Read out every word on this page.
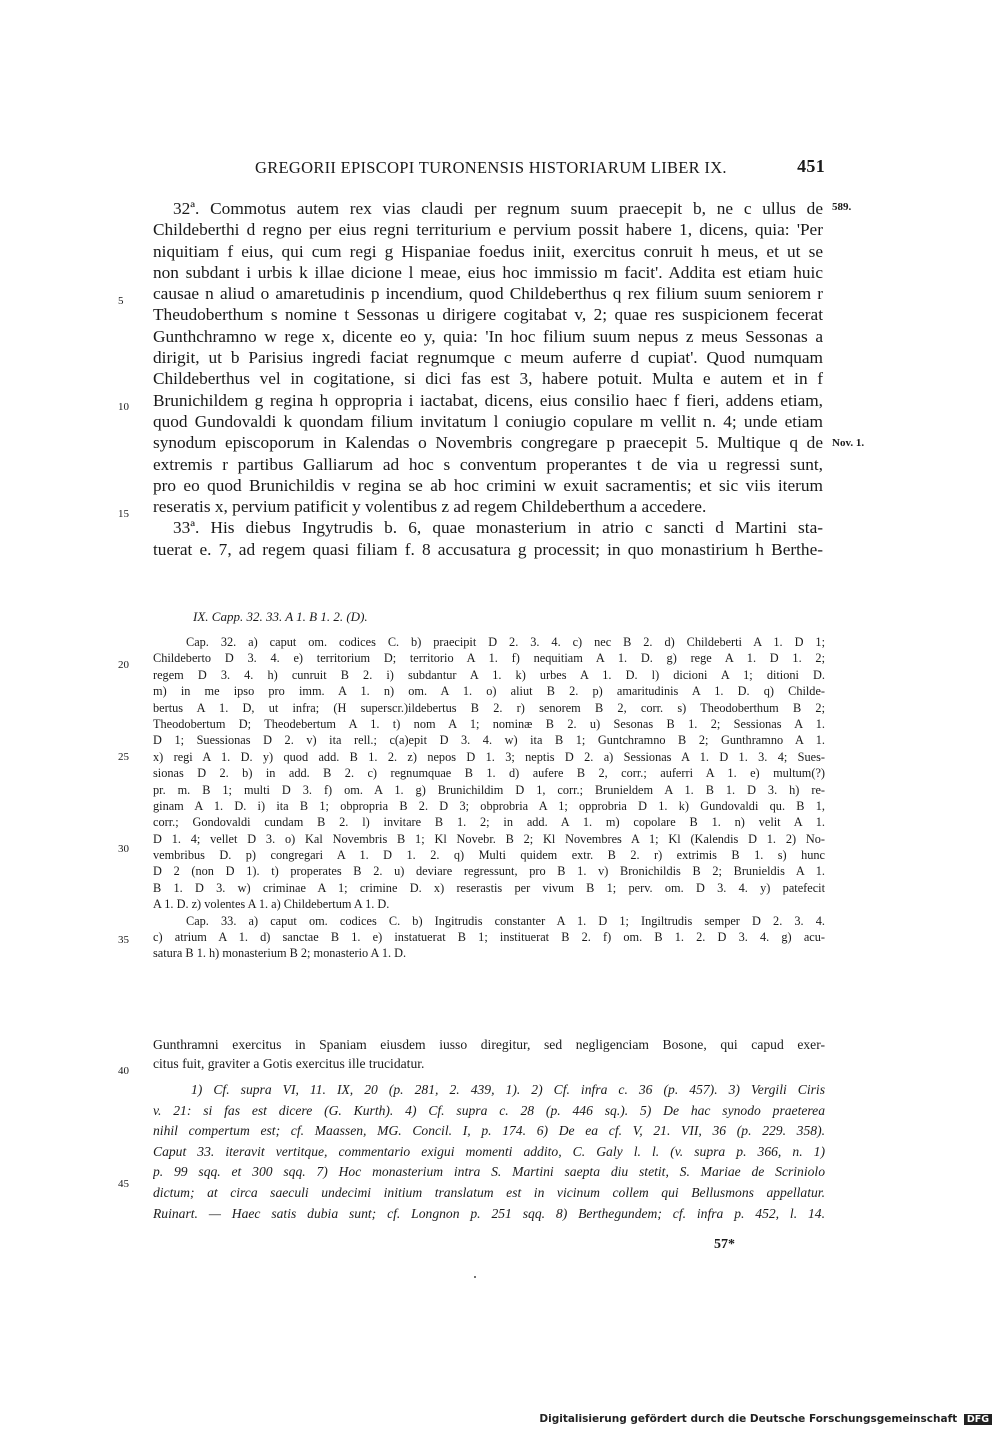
GREGORII EPISCOPI TURONENSIS HISTORIARUM LIBER IX.	451
589.
Nov. 1.
5
10
15
20
25
30
35
40
45
32ª. Commotus autem rex vias claudi per regnum suum praecepit b, ne c ullus de
Childeberthi d regno per eius regni territurium e pervium possit habere 1, dicens, quia: 'Per
niquitiam f eius, qui cum regi g Hispaniae foedus iniit, exercitus conruit h meus, et ut se
non subdant i urbis k illae dicione l meae, eius hoc immissio m facit'. Addita est etiam huic
causae n aliud o amaretudinis p incendium, quod Childeberthus q rex filium suum seniorem r
Theudoberthum s nomine t Sessonas u dirigere cogitabat v, 2; quae res suspicionem fecerat
Gunthchramno w rege x, dicente eo y, quia: 'In hoc filium suum nepus z meus Sessonas a
dirigit, ut b Parisius ingredi faciat regnumque c meum auferre d cupiat'. Quod numquam
Childeberthus vel in cogitatione, si dici fas est 3, habere potuit. Multa e autem et in f
Brunichildem g regina h oppropria i iactabat, dicens, eius consilio haec f fieri, addens etiam,
quod Gundovaldi k quondam filium invitatum l coniugio copulare m vellit n. 4; unde etiam
synodum episcoporum in Kalendas o Novembris congregare p praecepit 5. Multique q de
extremis r partibus Galliarum ad hoc s conventum properantes t de via u regressi sunt,
pro eo quod Brunichildis v regina se ab hoc crimini w exuit sacramentis; et sic viis iterum
reseratis x, pervium patificit y volentibus z ad regem Childeberthum a accedere.
33ª. His diebus Ingytrudis b. 6, quae monasterium in atrio c sancti d Martini sta-
tuerat e. 7, ad regem quasi filiam f. 8 accusatura g processit; in quo monastirium h Berthe-
IX. Capp. 32. 33. A 1. B 1. 2. (D).
Cap. 32. a) caput om. codices C. b) praecipit D 2. 3. 4. c) nec B 2. d) Childeberti A 1. D 1;
Childeberto D 3. 4. e) territorium D; territorio A 1. f) nequitiam A 1. D. g) rege A 1. D 1. 2;
regem D 3. 4. h) cunruit B 2. i) subdantur A 1. k) urbes A 1. D. l) dicioni A 1; ditioni D.
m) in me ipso pro imm. A 1. n) om. A 1. o) aliut B 2. p) amaritudinis A 1. D. q) Childe-
bertus A 1. D, ut infra; (H superscr.)ildebertus B 2. r) senorem B 2, corr. s) Theodoberthum B 2;
Theodobertum D; Theodebertum A 1. t) nom A 1; nominæ B 2. u) Sesonas B 1. 2; Sessionas A 1.
D 1; Suessionas D 2. v) ita rell.; c(a)epit D 3. 4. w) ita B 1; Guntchramno B 2; Gunthramno A 1.
x) regi A 1. D. y) quod add. B 1. 2. z) nepos D 1. 3; neptis D 2. a) Sessionas A 1. D 1. 3. 4; Sues-
sionas D 2. b) in add. B 2. c) regnumquae B 1. d) aufere B 2, corr.; auferri A 1. e) multum(?)
pr. m. B 1; multi D 3. f) om. A 1. g) Brunichildim D 1, corr.; Brunieldem A 1. B 1. D 3. h) re-
ginam A 1. D. i) ita B 1; obpropria B 2. D 3; obprobria A 1; opprobria D 1. k) Gundovaldi qu. B 1,
corr.; Gondovaldi cundam B 2. l) invitare B 1. 2; in add. A 1. m) copolare B 1. n) velit A 1.
D 1. 4; vellet D 3. o) Kal Novembris B 1; Kl Novebr. B 2; Kl Novembres A 1; Kl (Kalendis D 1. 2) No-
vembribus D. p) congregari A 1. D 1. 2. q) Multi quidem extr. B 2. r) extrimis B 1. s) hunc
D 2 (non D 1). t) properates B 2. u) deviare regressunt, pro B 1. v) Bronichildis B 2; Brunieldis A 1.
B 1. D 3. w) criminae A 1; crimine D. x) reserastis per vivum B 1; perv. om. D 3. 4. y) patefecit
A 1. D. z) volentes A 1. a) Childebertum A 1. D.
Cap. 33. a) caput om. codices C. b) Ingitrudis constanter A 1. D 1; Ingiltrudis semper D 2. 3. 4.
c) atrium A 1. d) sanctae B 1. e) instatuerat B 1; instituerat B 2. f) om. B 1. 2. D 3. 4. g) acu-
satura B 1. h) monasterium B 2; monasterio A 1. D.
Gunthramni exercitus in Spaniam eiusdem iusso diregitur, sed negligenciam Bosone, qui capud exer-
citus fuit, graviter a Gotis exercitus ille trucidatur.
1) Cf. supra VI, 11. IX, 20 (p. 281, 2. 439, 1). 2) Cf. infra c. 36 (p. 457). 3) Vergili Ciris
v. 21: si fas est dicere (G. Kurth). 4) Cf. supra c. 28 (p. 446 sq.). 5) De hac synodo praeterea
nihil compertum est; cf. Maassen, MG. Concil. I, p. 174. 6) De ea cf. V, 21. VII, 36 (p. 229. 358).
Caput 33. iteravit vertitque, commentario exigui momenti addito, C. Galy l. l. (v. supra p. 366, n. 1)
p. 99 sqq. et 300 sqq. 7) Hoc monasterium intra S. Martini saepta diu stetit, S. Mariae de Scriniolo
dictum; at circa saeculi undecimi initium translatum est in vicinum collem qui Bellusmons appellatur.
Ruinart. — Haec satis dubia sunt; cf. Longnon p. 251 sqq. 8) Berthegundem; cf. infra p. 452, l. 14.
57*
Digitalisierung gefördert durch die Deutsche Forschungsgemeinschaft DFG
